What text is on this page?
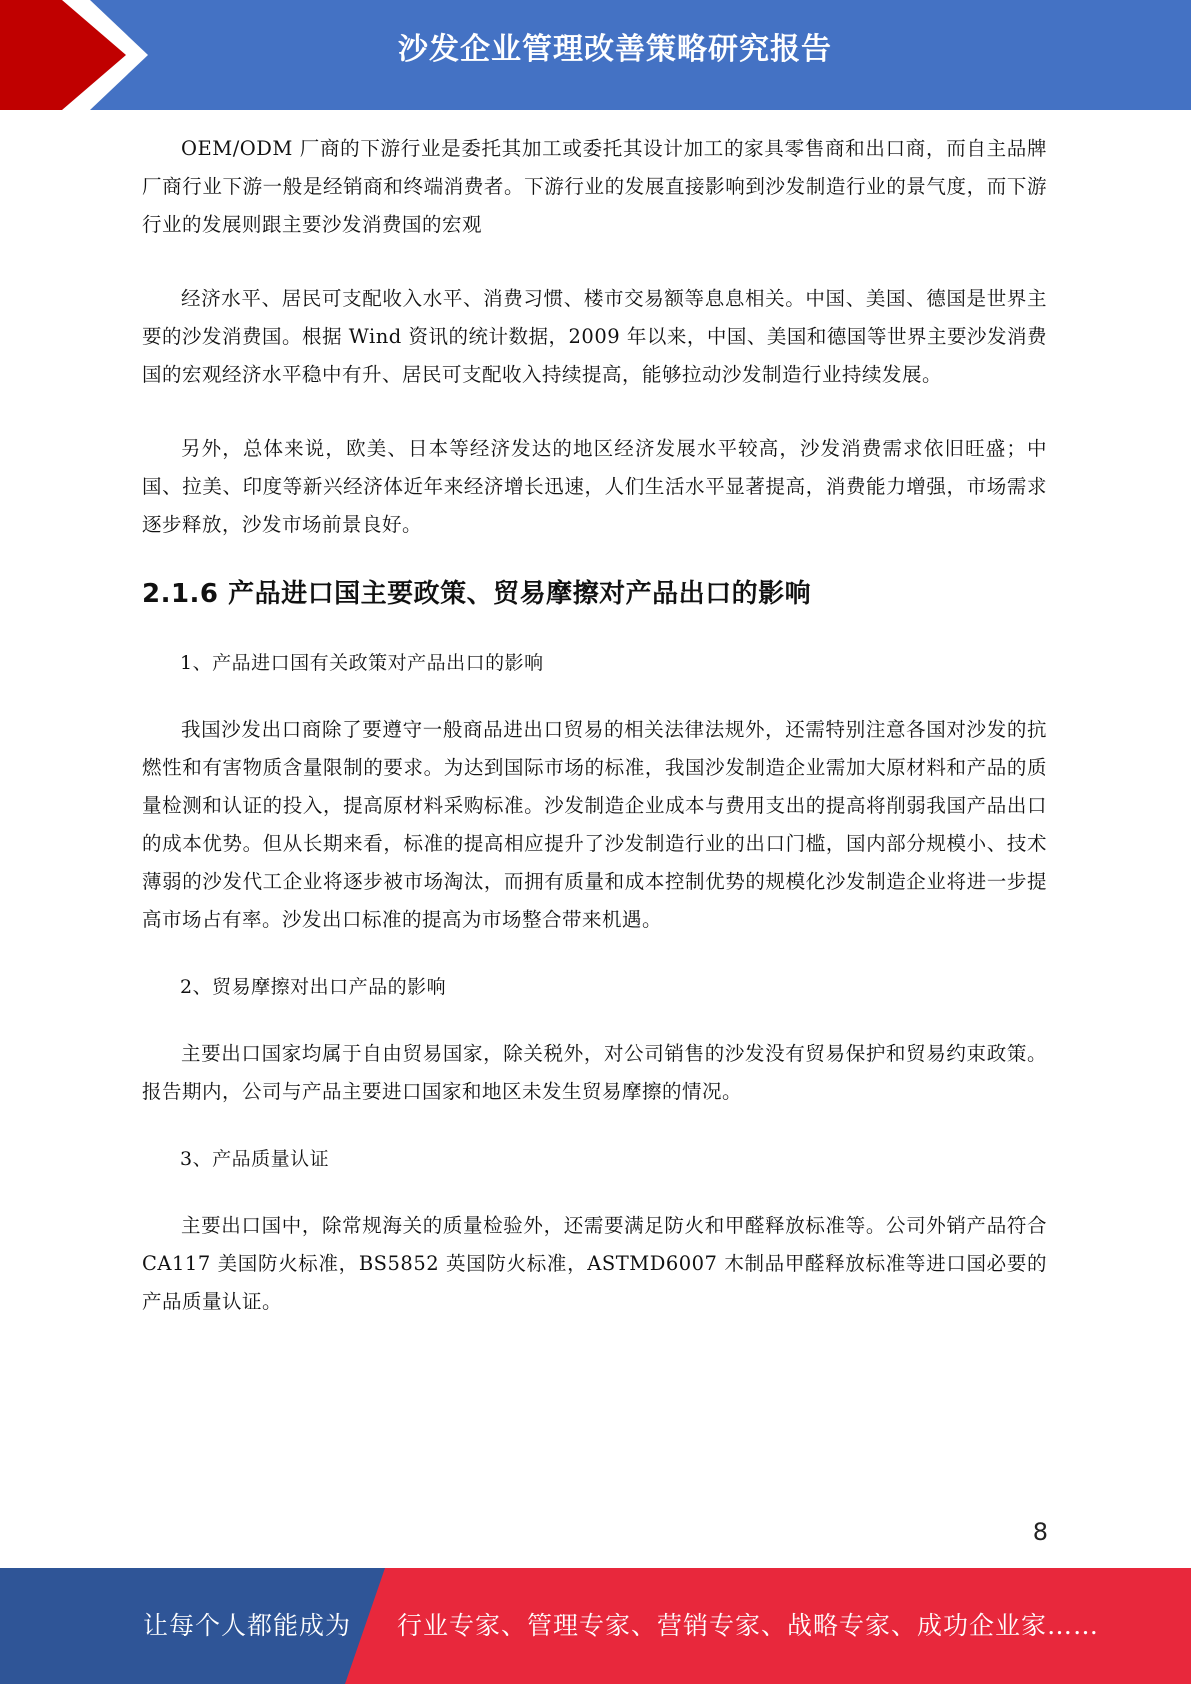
沙发企业管理改善策略研究报告

OEM/ODM 厂商的下游行业是委托其加工或委托其设计加工的家具零售商和出口商，而自主品牌厂商行业下游一般是经销商和终端消费者。下游行业的发展直接影响到沙发制造行业的景气度，而下游行业的发展则跟主要沙发消费国的宏观

经济水平、居民可支配收入水平、消费习惯、楼市交易额等息息相关。中国、美国、德国是世界主要的沙发消费国。根据 Wind 资讯的统计数据，2009 年以来，中国、美国和德国等世界主要沙发消费国的宏观经济水平稳中有升、居民可支配收入持续提高，能够拉动沙发制造行业持续发展。

另外，总体来说，欧美、日本等经济发达的地区经济发展水平较高，沙发消费需求依旧旺盛；中国、拉美、印度等新兴经济体近年来经济增长迅速，人们生活水平显著提高，消费能力增强，市场需求逐步释放，沙发市场前景良好。

2.1.6 产品进口国主要政策、贸易摩擦对产品出口的影响

1、产品进口国有关政策对产品出口的影响

我国沙发出口商除了要遵守一般商品进出口贸易的相关法律法规外，还需特别注意各国对沙发的抗燃性和有害物质含量限制的要求。为达到国际市场的标准，我国沙发制造企业需加大原材料和产品的质量检测和认证的投入，提高原材料采购标准。沙发制造企业成本与费用支出的提高将削弱我国产品出口的成本优势。但从长期来看，标准的提高相应提升了沙发制造行业的出口门槛，国内部分规模小、技术薄弱的沙发代工企业将逐步被市场淘汰，而拥有质量和成本控制优势的规模化沙发制造企业将进一步提高市场占有率。沙发出口标准的提高为市场整合带来机遇。

2、贸易摩擦对出口产品的影响

主要出口国家均属于自由贸易国家，除关税外，对公司销售的沙发没有贸易保护和贸易约束政策。报告期内，公司与产品主要进口国家和地区未发生贸易摩擦的情况。

3、产品质量认证

主要出口国中，除常规海关的质量检验外，还需要满足防火和甲醛释放标准等。公司外销产品符合 CA117 美国防火标准，BS5852 英国防火标准，ASTMD6007 木制品甲醛释放标准等进口国必要的产品质量认证。

8
让每个人都能成为 行业专家、管理专家、营销专家、战略专家、成功企业家……
